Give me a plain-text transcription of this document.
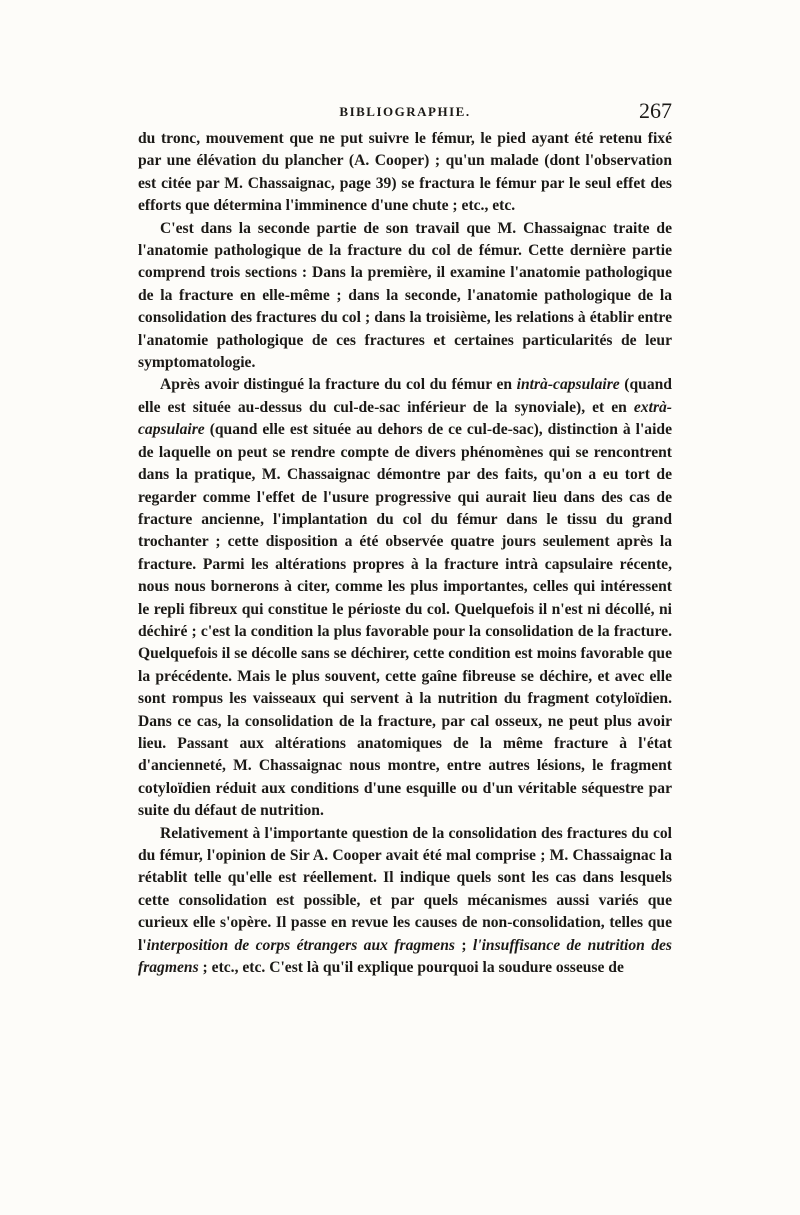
BIBLIOGRAPHIE.	267

du tronc, mouvement que ne put suivre le fémur, le pied ayant été retenu fixé par une élévation du plancher (A. Cooper) ; qu'un malade (dont l'observation est citée par M. Chassaignac, page 39) se fractura le fémur par le seul effet des efforts que détermina l'imminence d'une chute ; etc., etc.

C'est dans la seconde partie de son travail que M. Chassaignac traite de l'anatomie pathologique de la fracture du col de fémur. Cette dernière partie comprend trois sections : Dans la première, il examine l'anatomie pathologique de la fracture en elle-même ; dans la seconde, l'anatomie pathologique de la consolidation des fractures du col ; dans la troisième, les relations à établir entre l'anatomie pathologique de ces fractures et certaines particularités de leur symptomatologie.

Après avoir distingué la fracture du col du fémur en intrà-capsulaire (quand elle est située au-dessus du cul-de-sac inférieur de la synoviale), et en extrà-capsulaire (quand elle est située au dehors de ce cul-de-sac), distinction à l'aide de laquelle on peut se rendre compte de divers phénomènes qui se rencontrent dans la pratique, M. Chassaignac démontre par des faits, qu'on a eu tort de regarder comme l'effet de l'usure progressive qui aurait lieu dans des cas de fracture ancienne, l'implantation du col du fémur dans le tissu du grand trochanter ; cette disposition a été observée quatre jours seulement après la fracture. Parmi les altérations propres à la fracture intrà capsulaire récente, nous nous bornerons à citer, comme les plus importantes, celles qui intéressent le repli fibreux qui constitue le périoste du col. Quelquefois il n'est ni décollé, ni déchiré ; c'est la condition la plus favorable pour la consolidation de la fracture. Quelquefois il se décolle sans se déchirer, cette condition est moins favorable que la précédente. Mais le plus souvent, cette gaîne fibreuse se déchire, et avec elle sont rompus les vaisseaux qui servent à la nutrition du fragment cotyloïdien. Dans ce cas, la consolidation de la fracture, par cal osseux, ne peut plus avoir lieu. Passant aux altérations anatomiques de la même fracture à l'état d'ancienneté, M. Chassaignac nous montre, entre autres lésions, le fragment cotyloïdien réduit aux conditions d'une esquille ou d'un véritable séquestre par suite du défaut de nutrition.

Relativement à l'importante question de la consolidation des fractures du col du fémur, l'opinion de Sir A. Cooper avait été mal comprise ; M. Chassaignac la rétablit telle qu'elle est réellement. Il indique quels sont les cas dans lesquels cette consolidation est possible, et par quels mécanismes aussi variés que curieux elle s'opère. Il passe en revue les causes de non-consolidation, telles que l'interposition de corps étrangers aux fragmens ; l'insuffisance de nutrition des fragmens ; etc., etc. C'est là qu'il explique pourquoi la soudure osseuse de
